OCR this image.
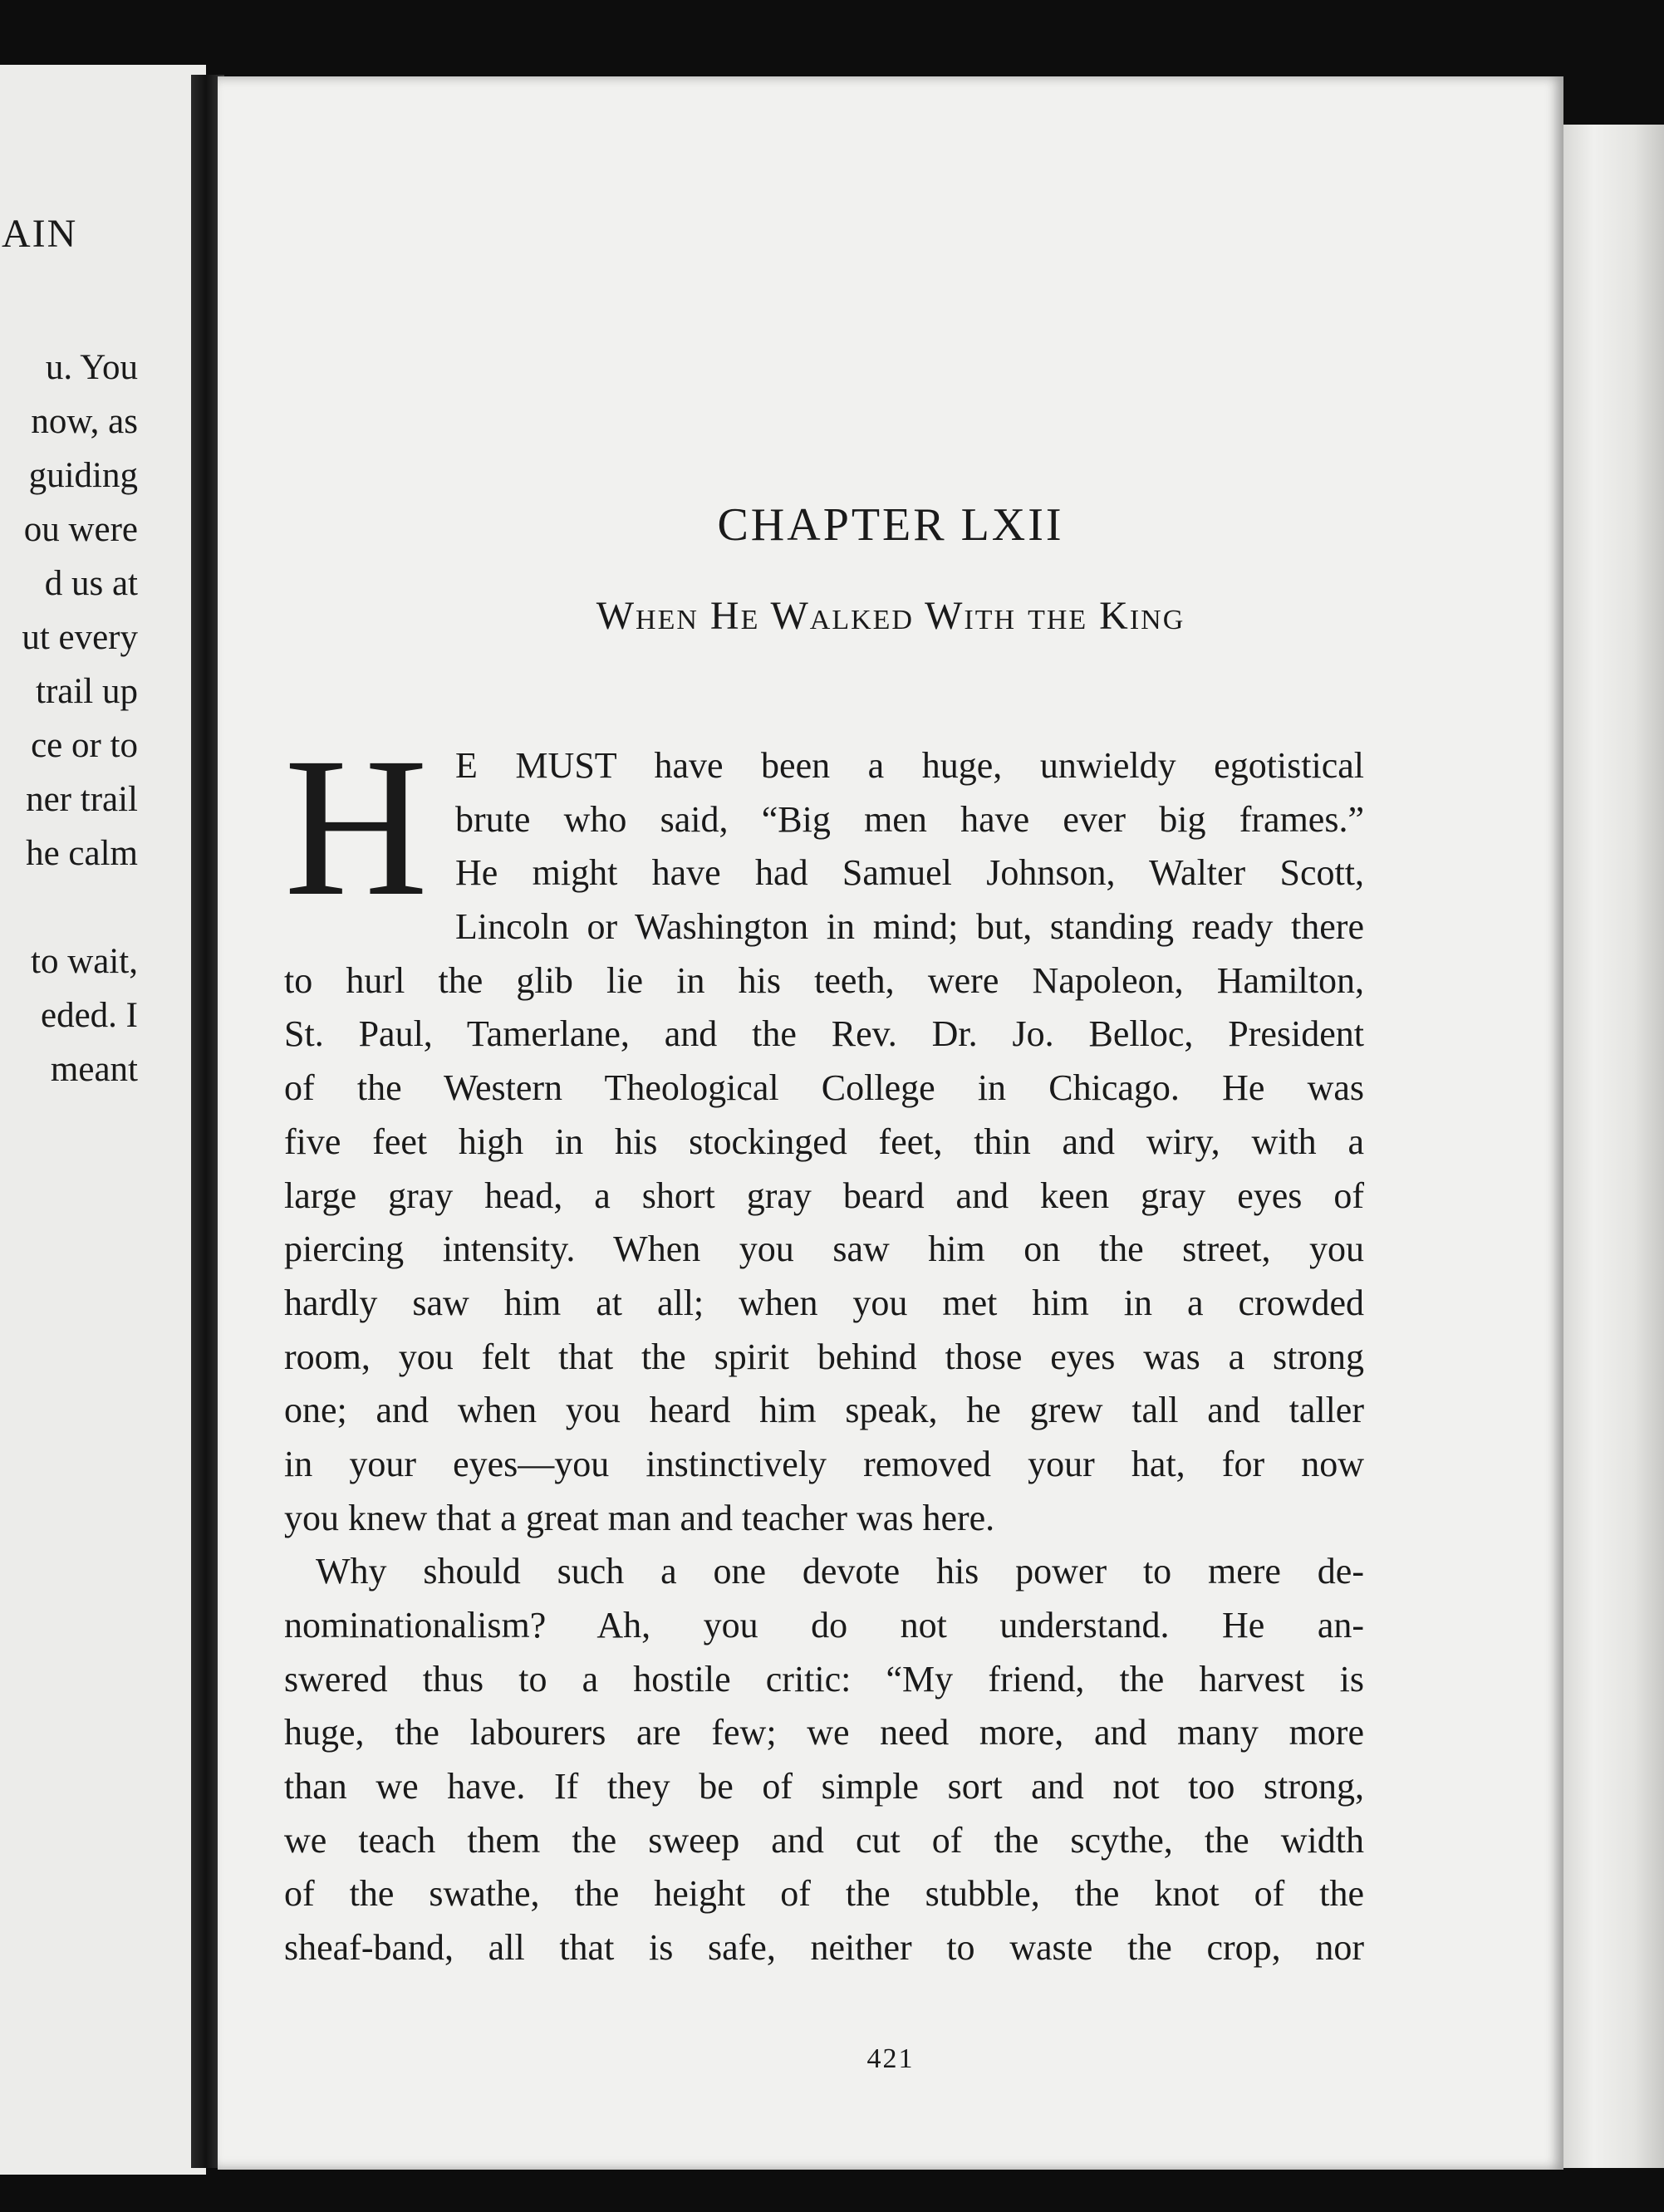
AIN
u. You
now, as
guiding
ou were
d us at
ut every
trail up
ce or to
ner trail
he calm
to wait,
eded. I
meant
CHAPTER LXII
When He Walked With the King
H E MUST have been a huge, unwieldy egotistical
brute who said, “Big men have ever big frames.”
He might have had Samuel Johnson, Walter Scott,
Lincoln or Washington in mind; but, standing ready there
to hurl the glib lie in his teeth, were Napoleon, Hamilton,
St. Paul, Tamerlane, and the Rev. Dr. Jo. Belloc, President
of the Western Theological College in Chicago. He was
five feet high in his stockinged feet, thin and wiry, with a
large gray head, a short gray beard and keen gray eyes of
piercing intensity. When you saw him on the street, you
hardly saw him at all; when you met him in a crowded
room, you felt that the spirit behind those eyes was a strong
one; and when you heard him speak, he grew tall and taller
in your eyes—you instinctively removed your hat, for now
you knew that a great man and teacher was here.
Why should such a one devote his power to mere de-
nominationalism? Ah, you do not understand. He an-
swered thus to a hostile critic: “My friend, the harvest is
huge, the labourers are few; we need more, and many more
than we have. If they be of simple sort and not too strong,
we teach them the sweep and cut of the scythe, the width
of the swathe, the height of the stubble, the knot of the
sheaf-band, all that is safe, neither to waste the crop, nor
421
